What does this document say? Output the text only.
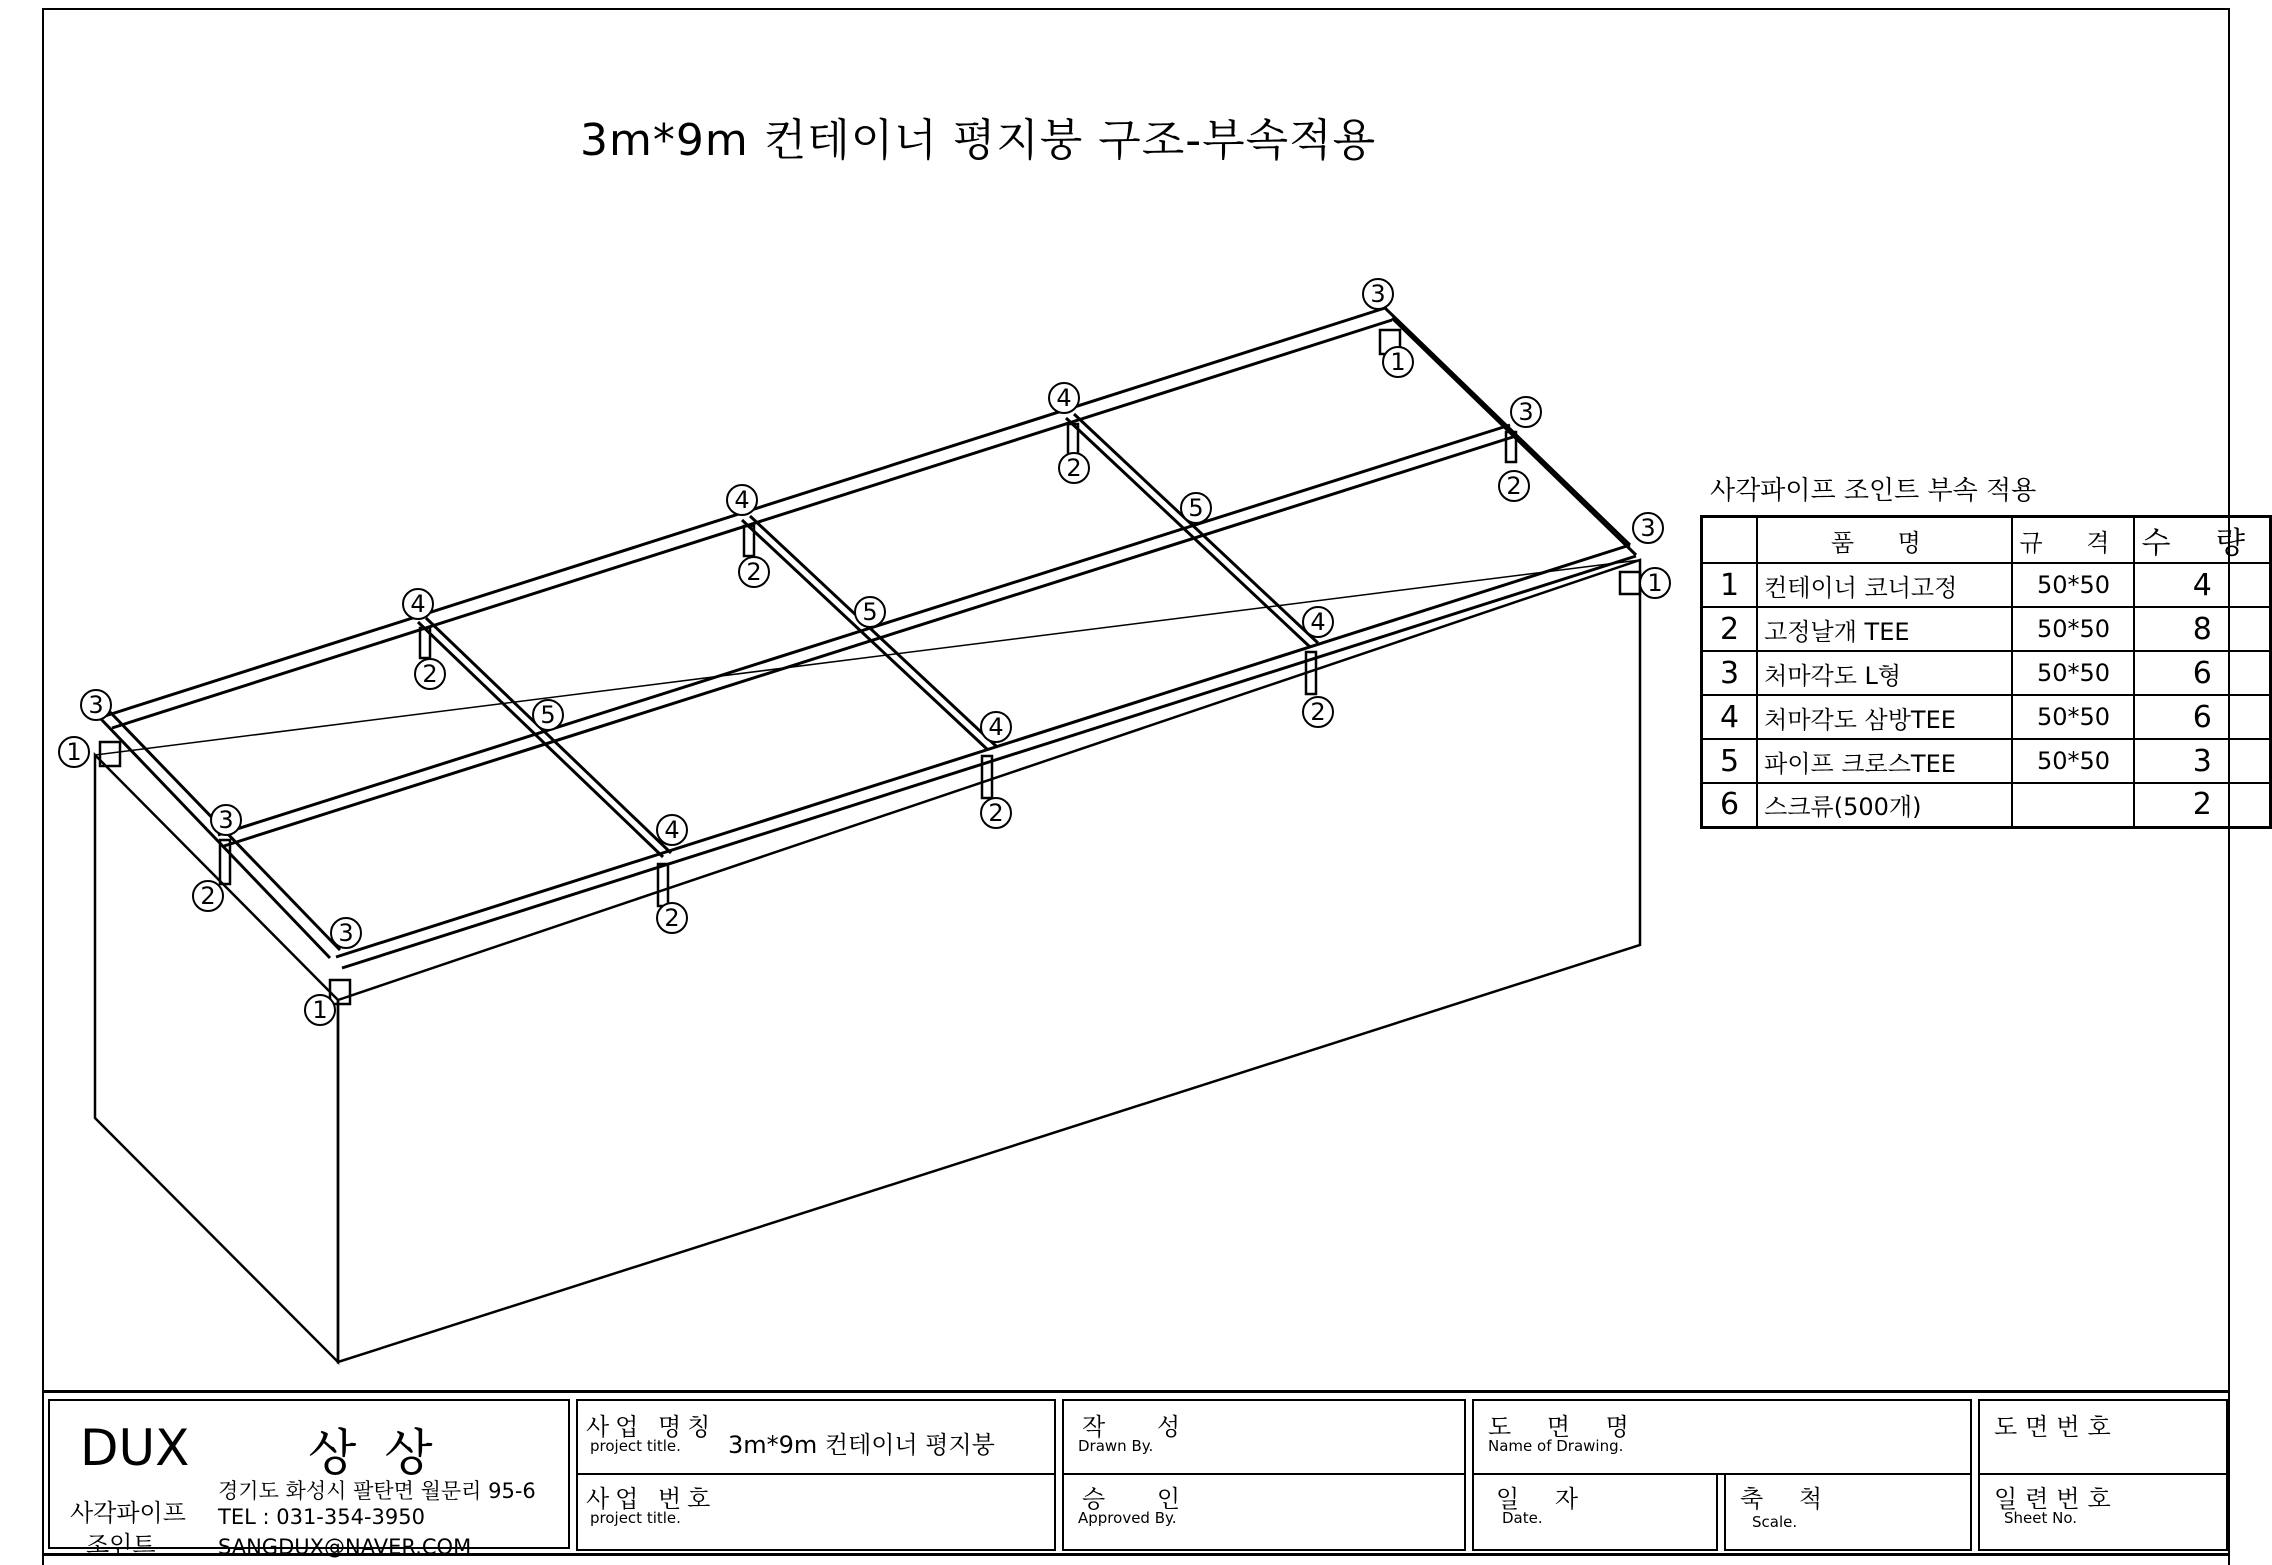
3m*9m 컨테이너 평지붕 구조-부속적용
3
1
3
2
3
1
4
2
4
2
4
2
3
1
3
2
3
1
5
5
5
4
4
4
2
2
2
사각파이프 조인트 부속 적용
	품 명	규 격	수 량
1	컨테이너 코너고정	50*50	4
2	고정날개 TEE	50*50	8
3	처마각도 L형	50*50	6
4	처마각도 삼방TEE	50*50	6
5	파이프 크로스TEE	50*50	3
6	스크류(500개)		2
DUX 상 상
사각파이프
조인트
경기도 화성시 팔탄면 월문리 95-6
TEL : 031-354-3950
SANGDUX@NAVER.COM
사업 명칭
project title. 3m*9m 컨테이너 평지붕
사업 번호
project title.
작 성
Drawn By.
승 인
Approved By.
도 면 명
Name of Drawing.
일 자
Date.
축 척
Scale.
도면번호
일련번호
Sheet No.
